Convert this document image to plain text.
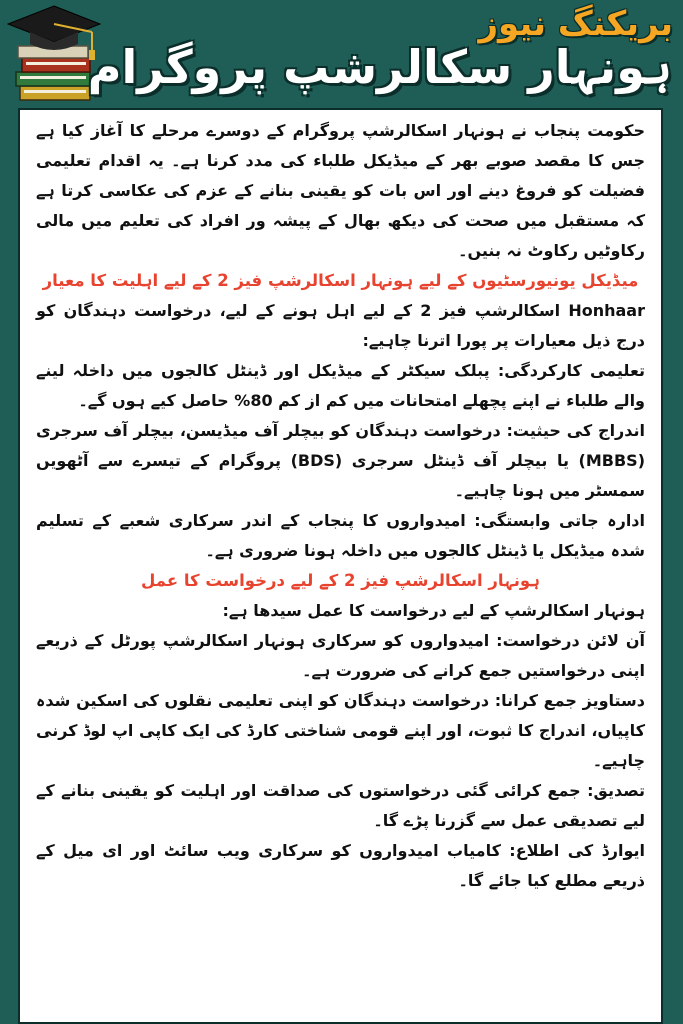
بریکنگ نیوز
ہونہار سکالرشپ پروگرام

حکومت پنجاب نے ہونہار اسکالرشپ پروگرام کے دوسرے مرحلے کا آغاز کیا ہے جس کا مقصد صوبے بھر کے میڈیکل طلباء کی مدد کرنا ہے۔ یہ اقدام تعلیمی فضیلت کو فروغ دینے اور اس بات کو یقینی بنانے کے عزم کی عکاسی کرتا ہے کہ مستقبل میں صحت کی دیکھ بھال کے پیشہ ور افراد کی تعلیم میں مالی رکاوٹیں رکاوٹ نہ بنیں۔

میڈیکل یونیورسٹیوں کے لیے ہونہار اسکالرشپ فیز 2 کے لیے اہلیت کا معیار

Honhaar اسکالرشپ فیز 2 کے لیے اہل ہونے کے لیے، درخواست دہندگان کو درج ذیل معیارات پر پورا اترنا چاہیے:

تعلیمی کارکردگی: پبلک سیکٹر کے میڈیکل اور ڈینٹل کالجوں میں داخلہ لینے والے طلباء نے اپنے پچھلے امتحانات میں کم از کم 80% حاصل کیے ہوں گے۔

اندراج کی حیثیت: درخواست دہندگان کو بیچلر آف میڈیسن، بیچلر آف سرجری (MBBS) یا بیچلر آف ڈینٹل سرجری (BDS) پروگرام کے تیسرے سے آٹھویں سمسٹر میں ہونا چاہیے۔

ادارہ جاتی وابستگی: امیدواروں کا پنجاب کے اندر سرکاری شعبے کے تسلیم شدہ میڈیکل یا ڈینٹل کالجوں میں داخلہ ہونا ضروری ہے۔

ہونہار اسکالرشپ فیز 2 کے لیے درخواست کا عمل

ہونہار اسکالرشپ کے لیے درخواست کا عمل سیدھا ہے:

آن لائن درخواست: امیدواروں کو سرکاری ہونہار اسکالرشپ پورٹل کے ذریعے اپنی درخواستیں جمع کرانے کی ضرورت ہے۔

دستاویز جمع کرانا: درخواست دہندگان کو اپنی تعلیمی نقلوں کی اسکین شدہ کاپیاں، اندراج کا ثبوت، اور اپنے قومی شناختی کارڈ کی ایک کاپی اپ لوڈ کرنی چاہیے۔

تصدیق: جمع کرائی گئی درخواستوں کی صداقت اور اہلیت کو یقینی بنانے کے لیے تصدیقی عمل سے گزرنا پڑے گا۔

ایوارڈ کی اطلاع: کامیاب امیدواروں کو سرکاری ویب سائٹ اور ای میل کے ذریعے مطلع کیا جائے گا۔
